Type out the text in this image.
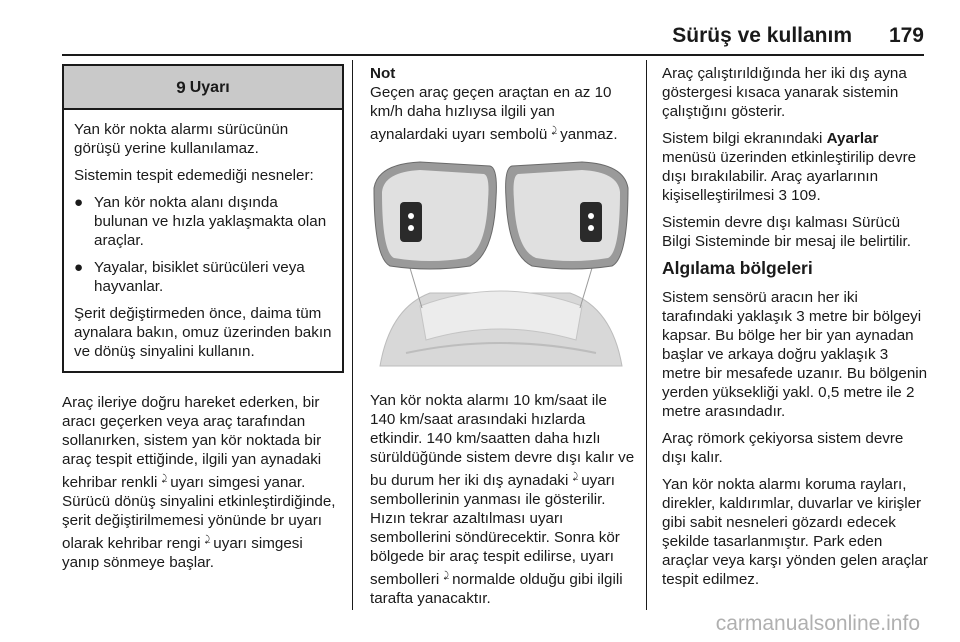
Sürüş ve kullanım 179
9 Uyarı

Yan kör nokta alarmı sürücünün görüşü yerine kullanılamaz.

Sistemin tespit edemediği nesneler:

● Yan kör nokta alanı dışında bulunan ve hızla yaklaşmakta olan araçlar.
● Yayalar, bisiklet sürücüleri veya hayvanlar.

Şerit değiştirmeden önce, daima tüm aynalara bakın, omuz üzerinden bakın ve dönüş sinyalini kullanın.

Araç ileriye doğru hareket ederken, bir aracı geçerken veya araç tarafından sollanırken, sistem yan kör noktada bir araç tespit ettiğinde, ilgili yan aynadaki kehribar renkli ⤸̲ uyarı simgesi yanar. Sürücü dönüş sinyalini etkinleştirdiğinde, şerit değiştirilmemesi yönünde br uyarı olarak kehribar rengi ⤸̲ uyarı simgesi yanıp sönmeye başlar.

Not
Geçen araç geçen araçtan en az 10 km/h daha hızlıysa ilgili yan aynalardaki uyarı sembolü ⤸̲ yanmaz.

Yan kör nokta alarmı 10 km/saat ile 140 km/saat arasındaki hızlarda etkindir. 140 km/saatten daha hızlı sürüldüğünde sistem devre dışı kalır ve bu durum her iki dış aynadaki ⤸̲ uyarı sembollerinin yanması ile gösterilir. Hızın tekrar azaltılması uyarı sembollerini söndürecektir. Sonra kör bölgede bir araç tespit edilirse, uyarı sembolleri ⤸̲ normalde olduğu gibi ilgili tarafta yanacaktır.

Araç çalıştırıldığında her iki dış ayna göstergesi kısaca yanarak sistemin çalıştığını gösterir.

Sistem bilgi ekranındaki Ayarlar menüsü üzerinden etkinleştirilip devre dışı bırakılabilir. Araç ayarlarının kişiselleştirilmesi 3 109.

Sistemin devre dışı kalması Sürücü Bilgi Sisteminde bir mesaj ile belirtilir.

Algılama bölgeleri

Sistem sensörü aracın her iki tarafındaki yaklaşık 3 metre bir bölgeyi kapsar. Bu bölge her bir yan aynadan başlar ve arkaya doğru yaklaşık 3 metre bir mesafede uzanır. Bu bölgenin yerden yüksekliği yakl. 0,5 metre ile 2 metre arasındadır.

Araç römork çekiyorsa sistem devre dışı kalır.

Yan kör nokta alarmı koruma rayları, direkler, kaldırımlar, duvarlar ve kirişler gibi sabit nesneleri gözardı edecek şekilde tasarlanmıştır. Park eden araçlar veya karşı yönden gelen araçlar tespit edilmez.

carmanualsonline.info
